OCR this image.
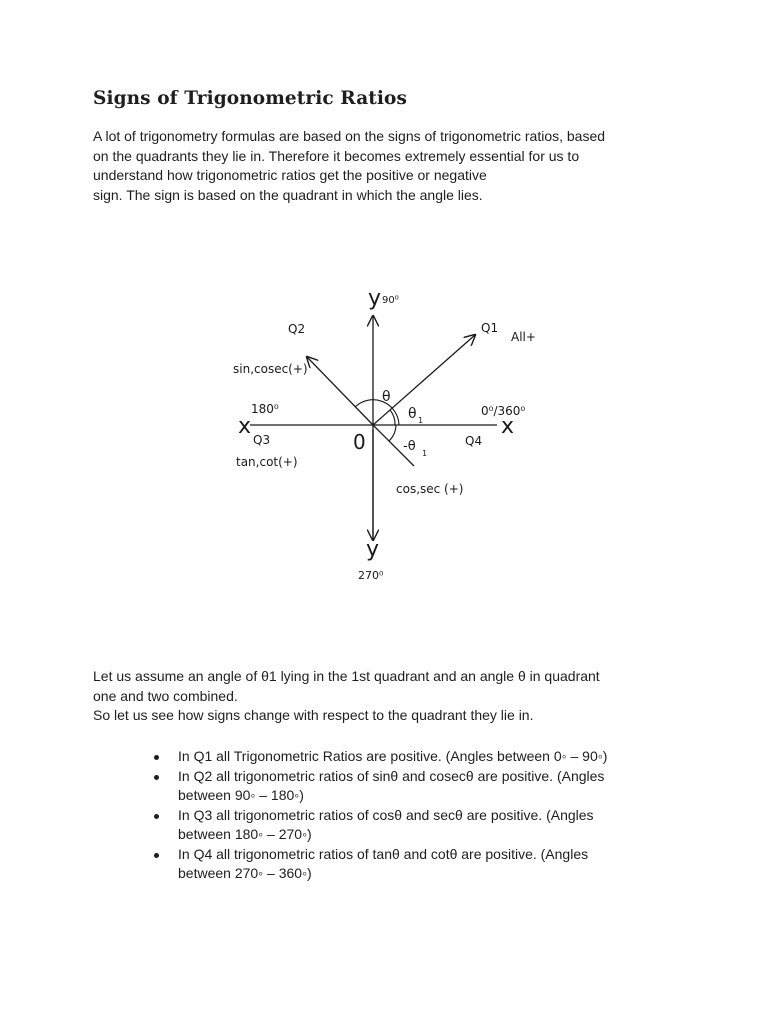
Signs of Trigonometric Ratios
A lot of trigonometry formulas are based on the signs of trigonometric ratios, based
on the quadrants they lie in. Therefore it becomes extremely essential for us to
understand how trigonometric ratios get the positive or negative
sign. The sign is based on the quadrant in which the angle lies.
y 90⁰
y
270⁰
x	x
0
180⁰	0⁰/360⁰
Q1
All+
Q2
sin,cosec(+)
Q3
tan,cot(+)
Q4
cos,sec (+)
θ
θ 1
-θ 1
Let us assume an angle of θ1 lying in the 1st quadrant and an angle θ in quadrant
one and two combined.
So let us see how signs change with respect to the quadrant they lie in.
In Q1 all Trigonometric Ratios are positive. (Angles between 0◦ – 90◦)
In Q2 all trigonometric ratios of sinθ and cosecθ are positive. (Angles
between 90◦ – 180◦)
In Q3 all trigonometric ratios of cosθ and secθ are positive. (Angles
between 180◦ – 270◦)
In Q4 all trigonometric ratios of tanθ and cotθ are positive. (Angles
between 270◦ – 360◦)
